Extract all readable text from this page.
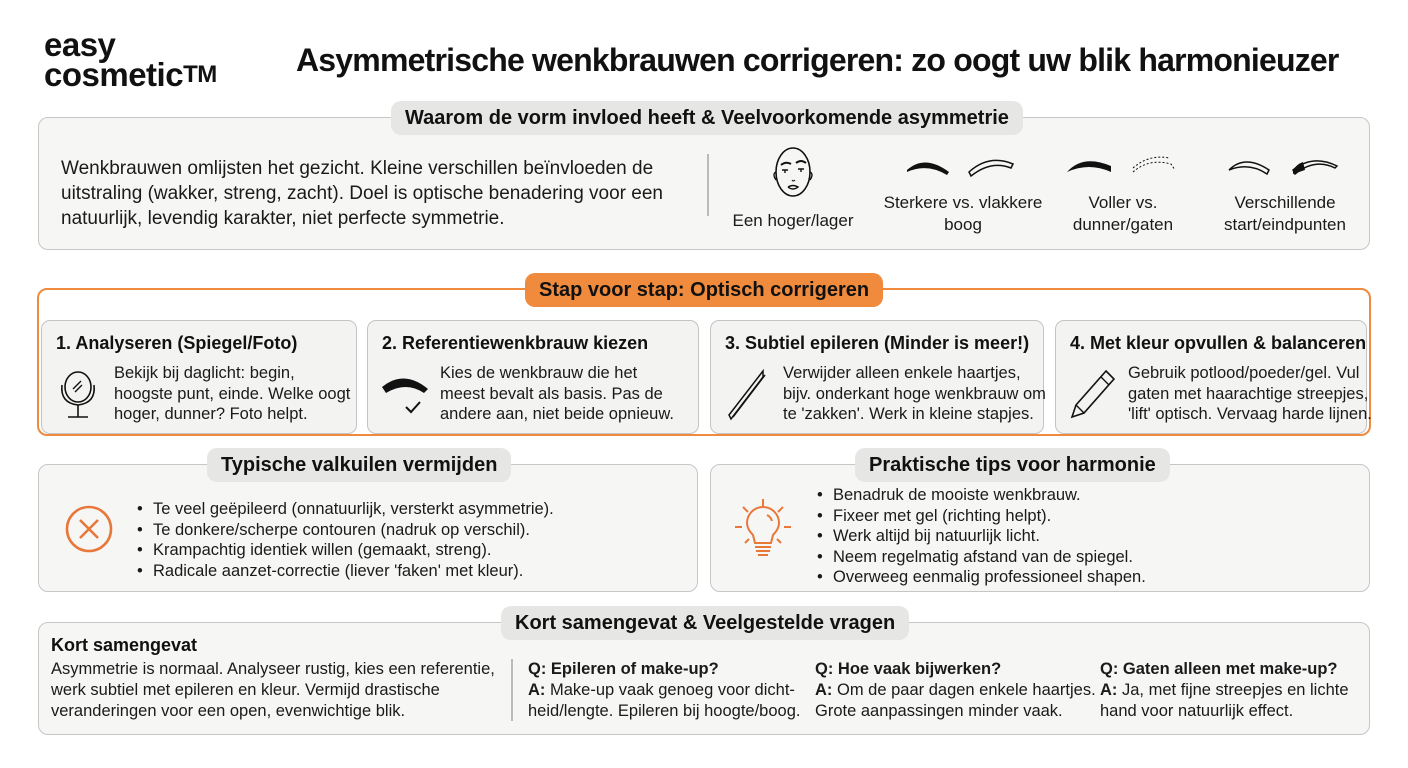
easy
cosmetic™ Asymmetrische wenkbrauwen corrigeren: zo oogt uw blik harmonieuzer
Waarom de vorm invloed heeft & Veelvoorkomende asymmetrie

Wenkbrauwen omlijsten het gezicht. Kleine verschillen beïnvloeden de uitstraling (wakker, streng, zacht). Doel is optische benadering voor een natuurlijk, levendig karakter, niet perfecte symmetrie.	Een hoger/lager
Sterkere vs. vlakkere boog
Voller vs. dunner/gaten
Verschillende start/eindpunten
Stap voor stap: Optisch corrigeren
1. Analyseren (Spiegel/Foto)
Bekijk bij daglicht: begin,
hoogste punt, einde. Welke oogt
hoger, dunner? Foto helpt.
2. Referentiewenkbrauw kiezen
Kies de wenkbrauw die het
meest bevalt als basis. Pas de
andere aan, niet beide opnieuw.
3. Subtiel epileren (Minder is meer!)
Verwijder alleen enkele haartjes,
bijv. onderkant hoge wenkbrauw om
te 'zakken'. Werk in kleine stapjes.
4. Met kleur opvullen & balanceren
Gebruik potlood/poeder/gel. Vul
gaten met haarachtige streepjes,
'lift' optisch. Vervaag harde lijnen.
Typische valkuilen vermijden
• Te veel geëpileerd (onnatuurlijk, versterkt asymmetrie).
• Te donkere/scherpe contouren (nadruk op verschil).
• Krampachtig identiek willen (gemaakt, streng).
• Radicale aanzet-correctie (liever 'faken' met kleur).
Praktische tips voor harmonie
• Benadruk de mooiste wenkbrauw.
• Fixeer met gel (richting helpt).
• Werk altijd bij natuurlijk licht.
• Neem regelmatig afstand van de spiegel.
• Overweeg eenmalig professioneel shapen.
Kort samengevat & Veelgestelde vragen
Kort samengevat

Asymmetrie is normaal. Analyseer rustig, kies een referentie, werk subtiel met epileren en kleur. Vermijd drastische veranderingen voor een open, evenwichtige blik.

Q: Epileren of make-up?
A: Make-up vaak genoeg voor dicht-
heid/lengte. Epileren bij hoogte/boog.
Q: Hoe vaak bijwerken?
A: Om de paar dagen enkele haartjes.
Grote aanpassingen minder vaak.
Q: Gaten alleen met make-up?
A: Ja, met fijne streepjes en lichte
hand voor natuurlijk effect.
